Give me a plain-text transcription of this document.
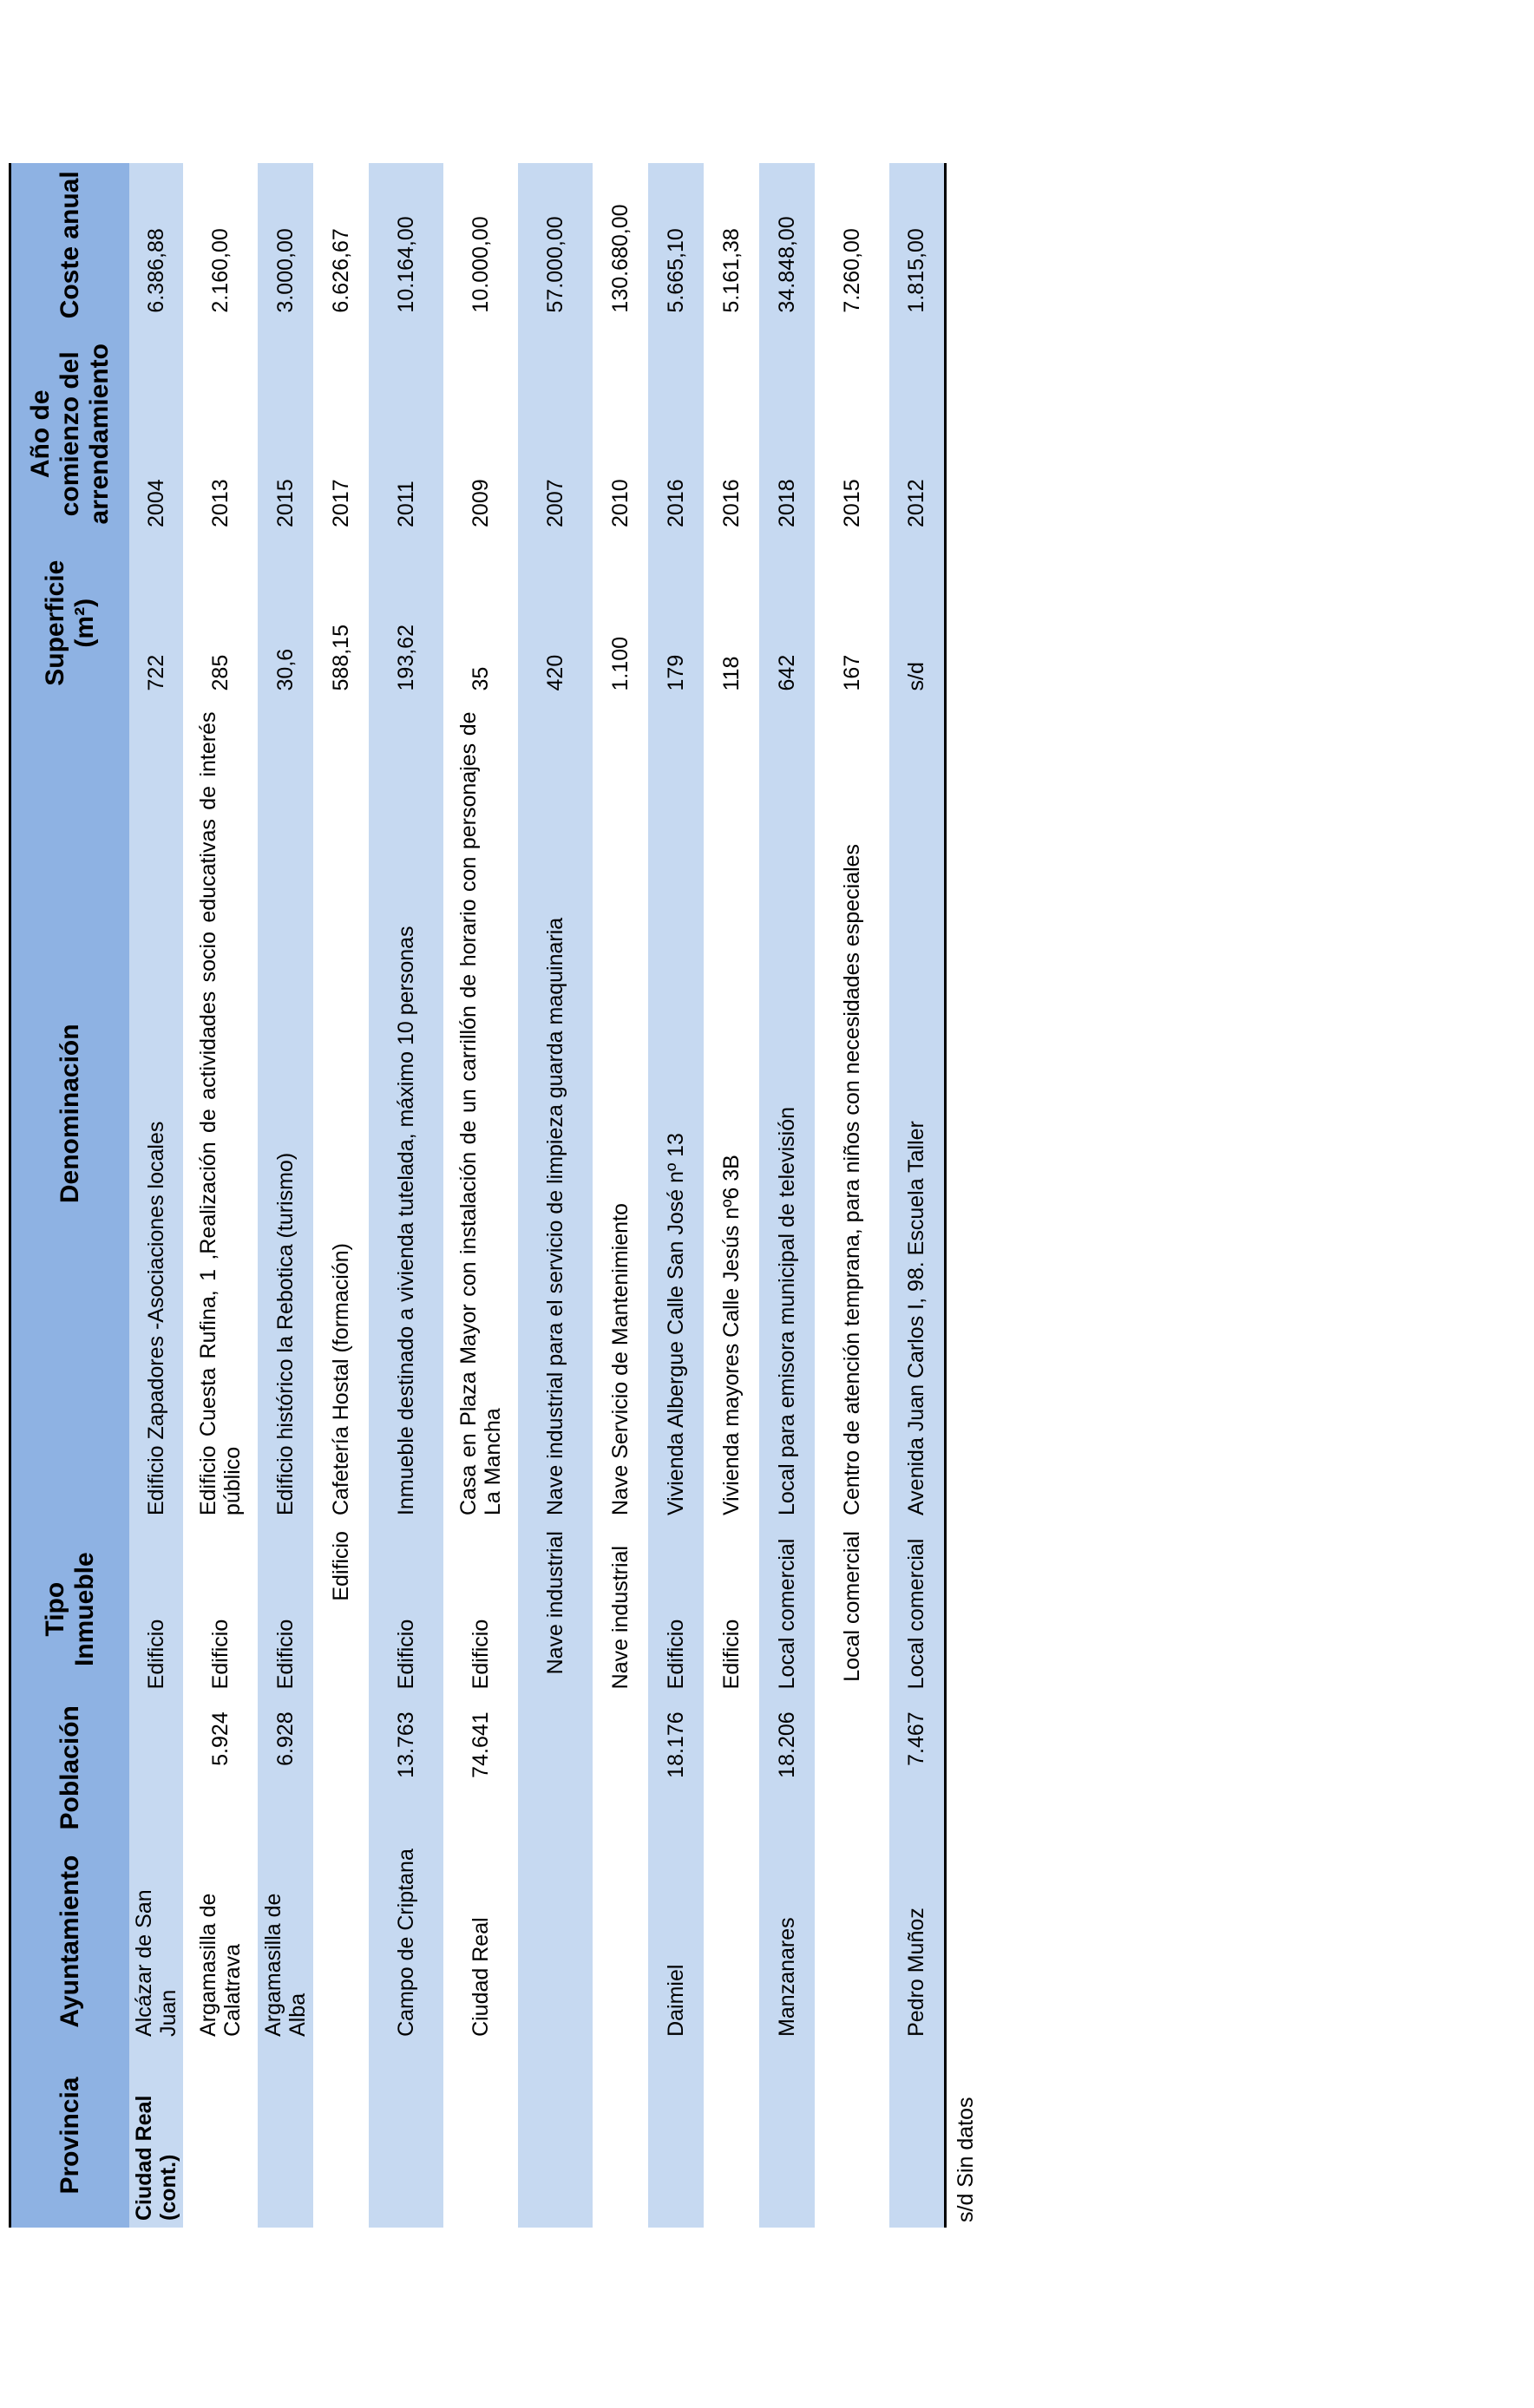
Provincia	Ayuntamiento	Población	Tipo Inmueble	Denominación	Superficie (m²)	Año de comienzo del arrendamiento	Coste anual
Ciudad Real (cont.)	Alcázar de San Juan		Edificio	Edificio Zapadores -Asociaciones locales	722	2004	6.386,88
	Argamasilla de Calatrava	5.924	Edificio	Edificio Cuesta Rufina, 1 ,Realización de actividades socio educativas de interés público	285	2013	2.160,00
	Argamasilla de Alba	6.928	Edificio	Edificio histórico la Rebotica (turismo)	30,6	2015	3.000,00
			Edificio	Cafetería Hostal (formación)	588,15	2017	6.626,67
	Campo de Criptana	13.763	Edificio	Inmueble destinado a vivienda tutelada, máximo 10 personas	193,62	2011	10.164,00
	Ciudad Real	74.641	Edificio	Casa en Plaza Mayor con instalación de un carrillón de horario con personajes de La Mancha	35	2009	10.000,00
			Nave industrial	Nave industrial para el servicio de limpieza guarda maquinaria	420	2007	57.000,00
			Nave industrial	Nave Servicio de Mantenimiento	1.100	2010	130.680,00
	Daimiel	18.176	Edificio	Vivienda Albergue Calle San José nº 13	179	2016	5.665,10
			Edificio	Vivienda mayores Calle Jesús nº6 3B	118	2016	5.161,38
	Manzanares	18.206	Local comercial	Local para emisora municipal de televisión	642	2018	34.848,00
			Local comercial	Centro de atención temprana, para niños con necesidades especiales	167	2015	7.260,00
	Pedro Muñoz	7.467	Local comercial	Avenida Juan Carlos I, 98. Escuela Taller	s/d	2012	1.815,00
s/d Sin datos
